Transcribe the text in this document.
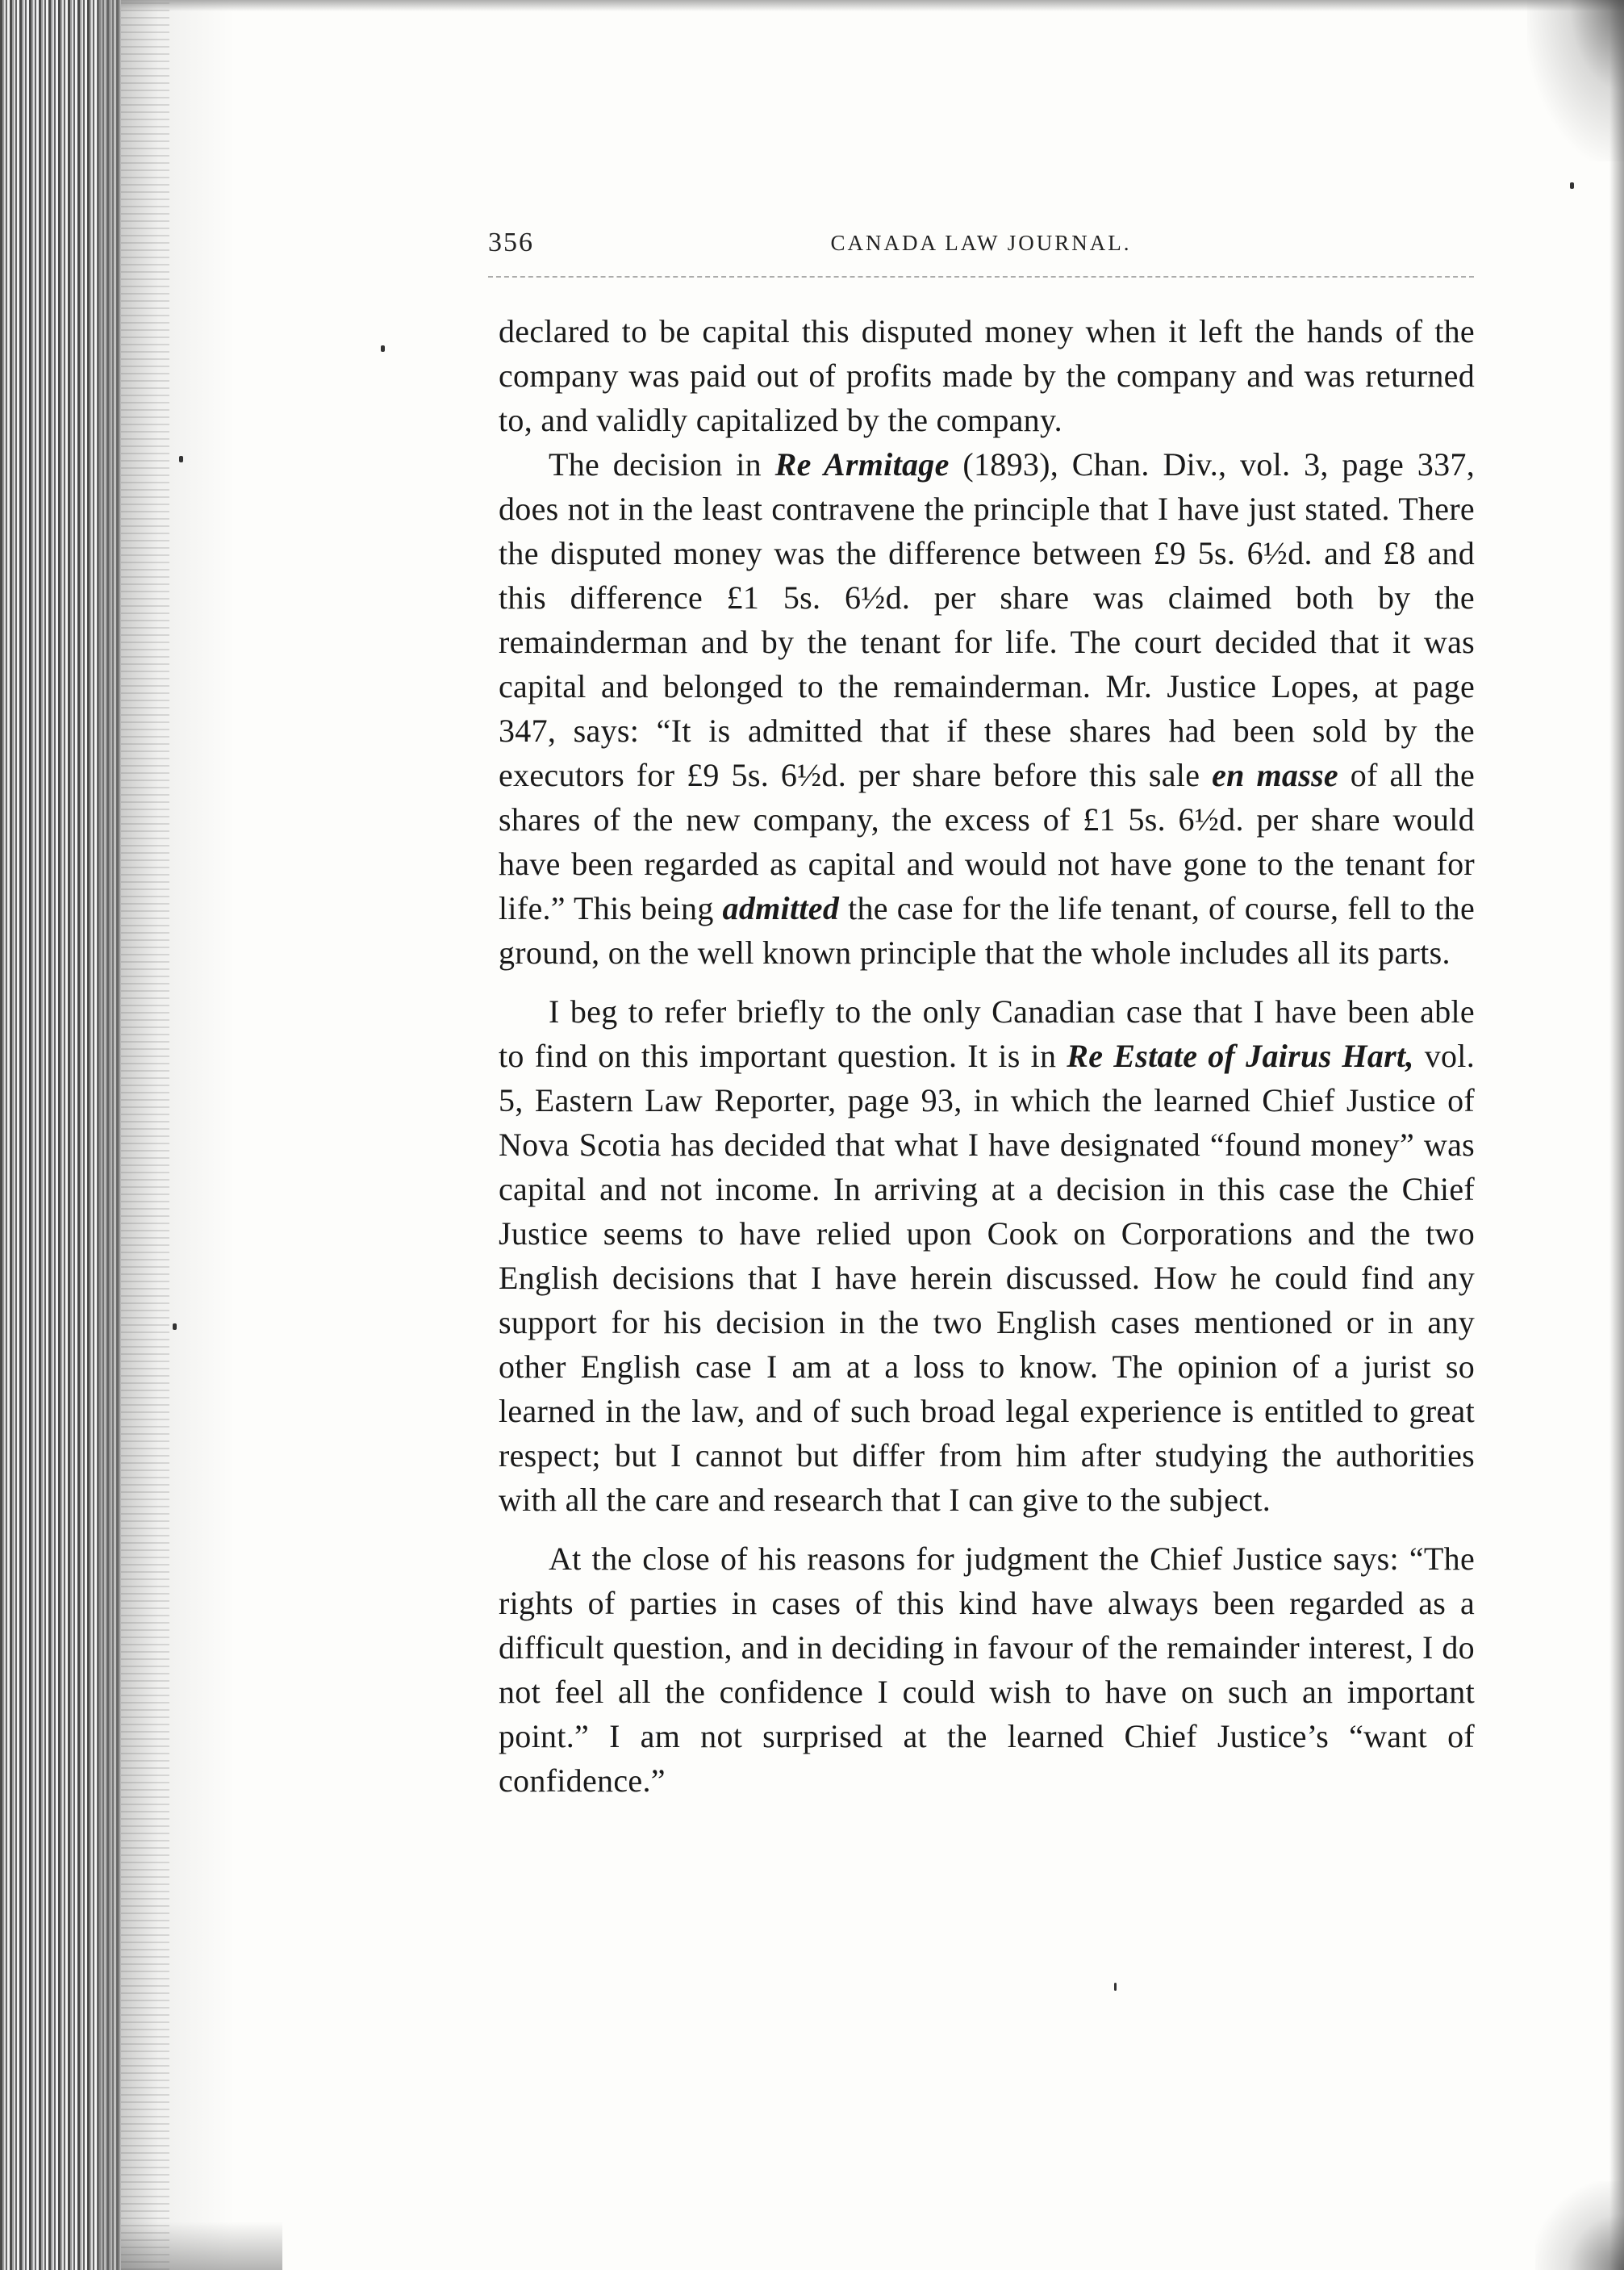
356	CANADA LAW JOURNAL.

declared to be capital this disputed money when it left the hands of the company was paid out of profits made by the company and was returned to, and validly capitalized by the company.

The decision in Re Armitage (1893), Chan. Div., vol. 3, page 337, does not in the least contravene the principle that I have just stated. There the disputed money was the difference between £9 5s. 6½d. and £8 and this difference £1 5s. 6½d. per share was claimed both by the remainderman and by the tenant for life. The court decided that it was capital and belonged to the remainderman. Mr. Justice Lopes, at page 347, says: “It is admitted that if these shares had been sold by the executors for £9 5s. 6½d. per share before this sale en masse of all the shares of the new company, the excess of £1 5s. 6½d. per share would have been regarded as capital and would not have gone to the tenant for life.” This being admitted the case for the life tenant, of course, fell to the ground, on the well known principle that the whole includes all its parts.

I beg to refer briefly to the only Canadian case that I have been able to find on this important question. It is in Re Estate of Jairus Hart, vol. 5, Eastern Law Reporter, page 93, in which the learned Chief Justice of Nova Scotia has decided that what I have designated “found money” was capital and not income. In arriving at a decision in this case the Chief Justice seems to have relied upon Cook on Corporations and the two English decisions that I have herein discussed. How he could find any support for his decision in the two English cases mentioned or in any other English case I am at a loss to know. The opinion of a jurist so learned in the law, and of such broad legal experience is entitled to great respect; but I cannot but differ from him after studying the authorities with all the care and research that I can give to the subject.

At the close of his reasons for judgment the Chief Justice says: “The rights of parties in cases of this kind have always been regarded as a difficult question, and in deciding in favour of the remainder interest, I do not feel all the confidence I could wish to have on such an important point.” I am not surprised at the learned Chief Justice’s “want of confidence.”
